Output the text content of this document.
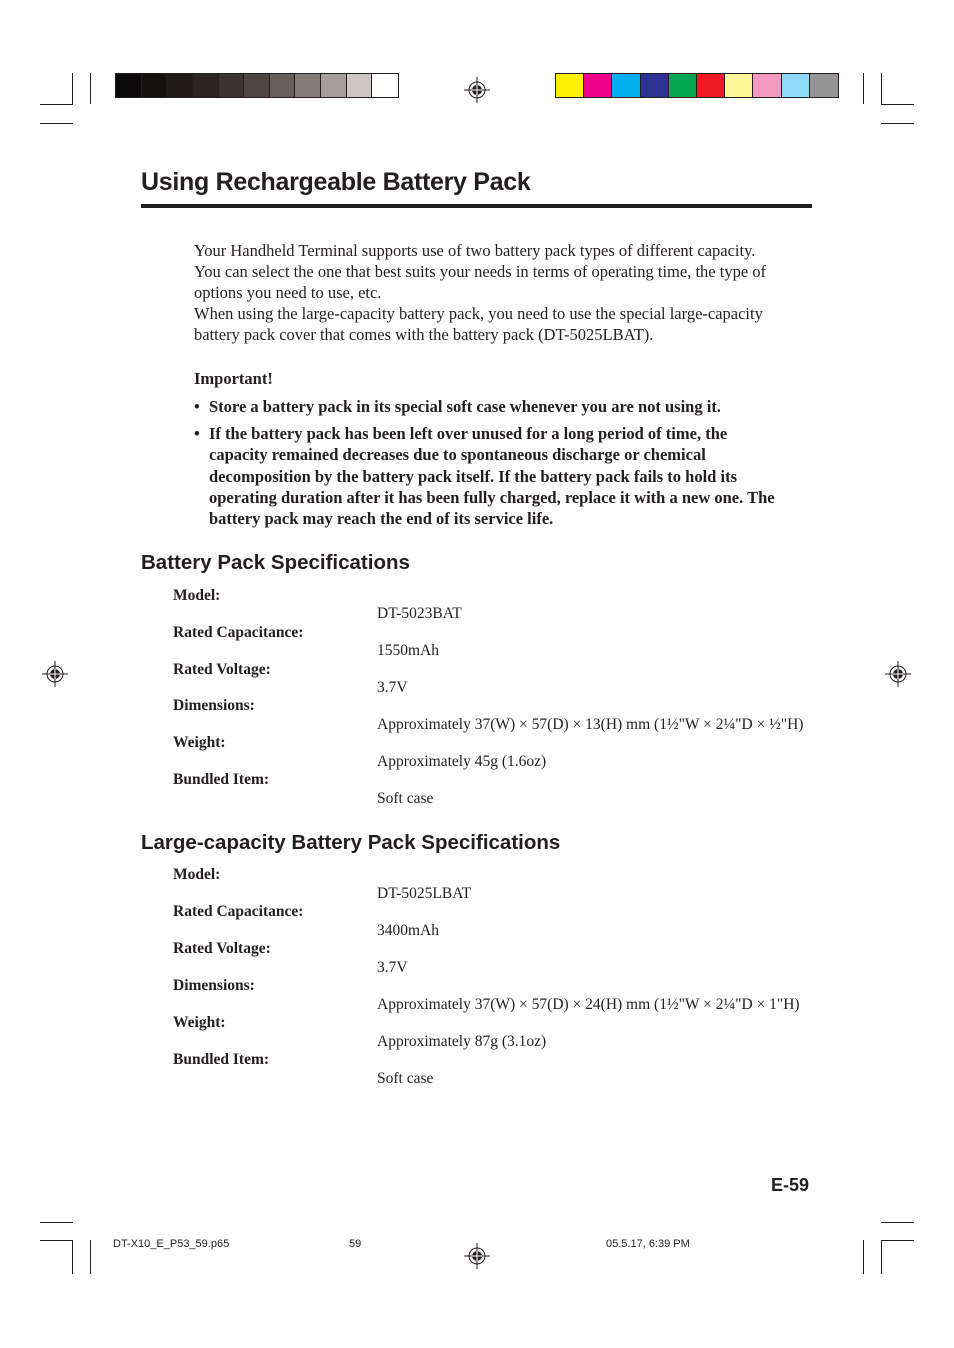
Using Rechargeable Battery Pack
Your Handheld Terminal supports use of two battery pack types of different capacity.
You can select the one that best suits your needs in terms of operating time, the type of
options you need to use, etc.
When using the large-capacity battery pack, you need to use the special large-capacity
battery pack cover that comes with the battery pack (DT-5025LBAT).
Important!
• Store a battery pack in its special soft case whenever you are not using it.
• If the battery pack has been left over unused for a long period of time, the
capacity remained decreases due to spontaneous discharge or chemical
decomposition by the battery pack itself. If the battery pack fails to hold its
operating duration after it has been fully charged, replace it with a new one. The
battery pack may reach the end of its service life.
Battery Pack Specifications
Model:
DT-5023BAT
Rated Capacitance:
1550mAh
Rated Voltage:
3.7V
Dimensions:
Approximately 37(W) × 57(D) × 13(H) mm (1½"W × 2¼"D × ½"H)
Weight:
Approximately 45g (1.6oz)
Bundled Item:
Soft case
Large-capacity Battery Pack Specifications
Model:
DT-5025LBAT
Rated Capacitance:
3400mAh
Rated Voltage:
3.7V
Dimensions:
Approximately 37(W) × 57(D) × 24(H) mm (1½"W × 2¼"D × 1"H)
Weight:
Approximately 87g (3.1oz)
Bundled Item:
Soft case
E-59
DT-X10_E_P53_59.p65	59	05.5.17, 6:39 PM
